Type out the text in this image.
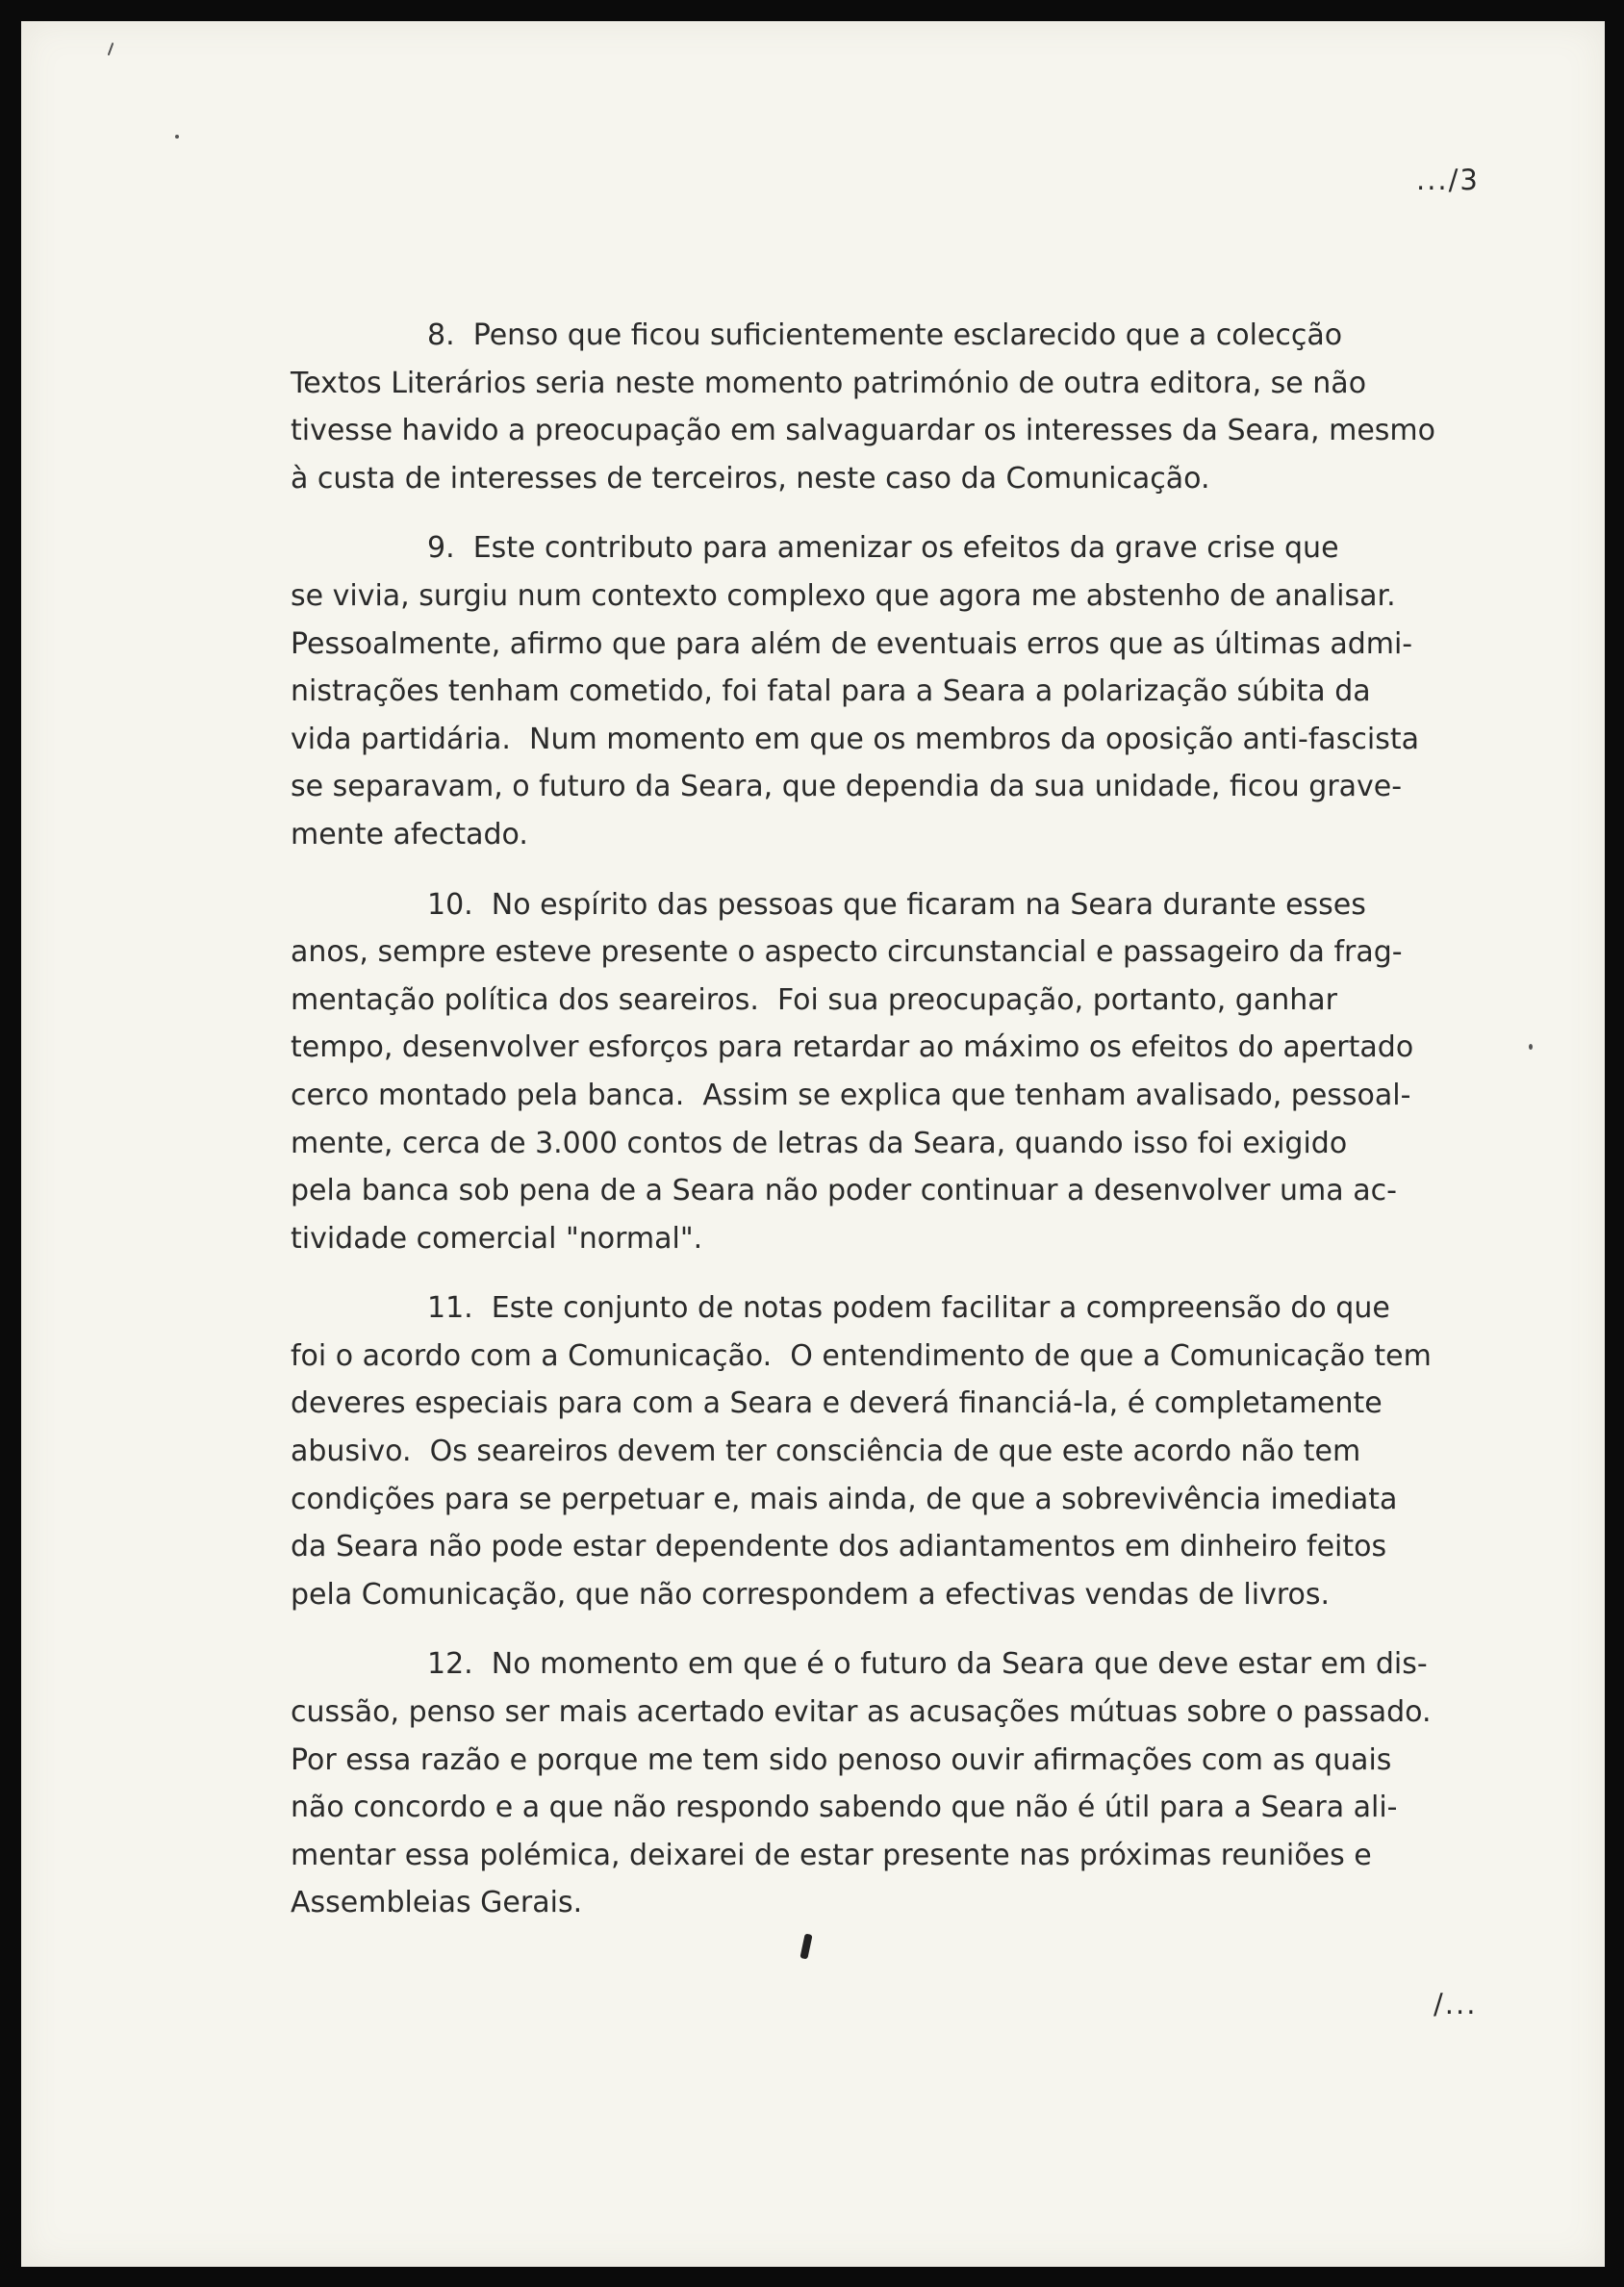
.../3
8.  Penso que ficou suficientemente esclarecido que a colecção
Textos Literários seria neste momento património de outra editora, se não
tivesse havido a preocupação em salvaguardar os interesses da Seara, mesmo
à custa de interesses de terceiros, neste caso da Comunicação.
9.  Este contributo para amenizar os efeitos da grave crise que
se vivia, surgiu num contexto complexo que agora me abstenho de analisar.
Pessoalmente, afirmo que para além de eventuais erros que as últimas admi-
nistrações tenham cometido, foi fatal para a Seara a polarização súbita da
vida partidária.  Num momento em que os membros da oposição anti-fascista
se separavam, o futuro da Seara, que dependia da sua unidade, ficou grave-
mente afectado.
10.  No espírito das pessoas que ficaram na Seara durante esses
anos, sempre esteve presente o aspecto circunstancial e passageiro da frag-
mentação política dos seareiros.  Foi sua preocupação, portanto, ganhar
tempo, desenvolver esforços para retardar ao máximo os efeitos do apertado
cerco montado pela banca.  Assim se explica que tenham avalisado, pessoal-
mente, cerca de 3.000 contos de letras da Seara, quando isso foi exigido
pela banca sob pena de a Seara não poder continuar a desenvolver uma ac-
tividade comercial "normal".
11.  Este conjunto de notas podem facilitar a compreensão do que
foi o acordo com a Comunicação.  O entendimento de que a Comunicação tem
deveres especiais para com a Seara e deverá financiá-la, é completamente
abusivo.  Os seareiros devem ter consciência de que este acordo não tem
condições para se perpetuar e, mais ainda, de que a sobrevivência imediata
da Seara não pode estar dependente dos adiantamentos em dinheiro feitos
pela Comunicação, que não correspondem a efectivas vendas de livros.
12.  No momento em que é o futuro da Seara que deve estar em dis-
cussão, penso ser mais acertado evitar as acusações mútuas sobre o passado.
Por essa razão e porque me tem sido penoso ouvir afirmações com as quais
não concordo e a que não respondo sabendo que não é útil para a Seara ali-
mentar essa polémica, deixarei de estar presente nas próximas reuniões e
Assembleias Gerais.
/...
